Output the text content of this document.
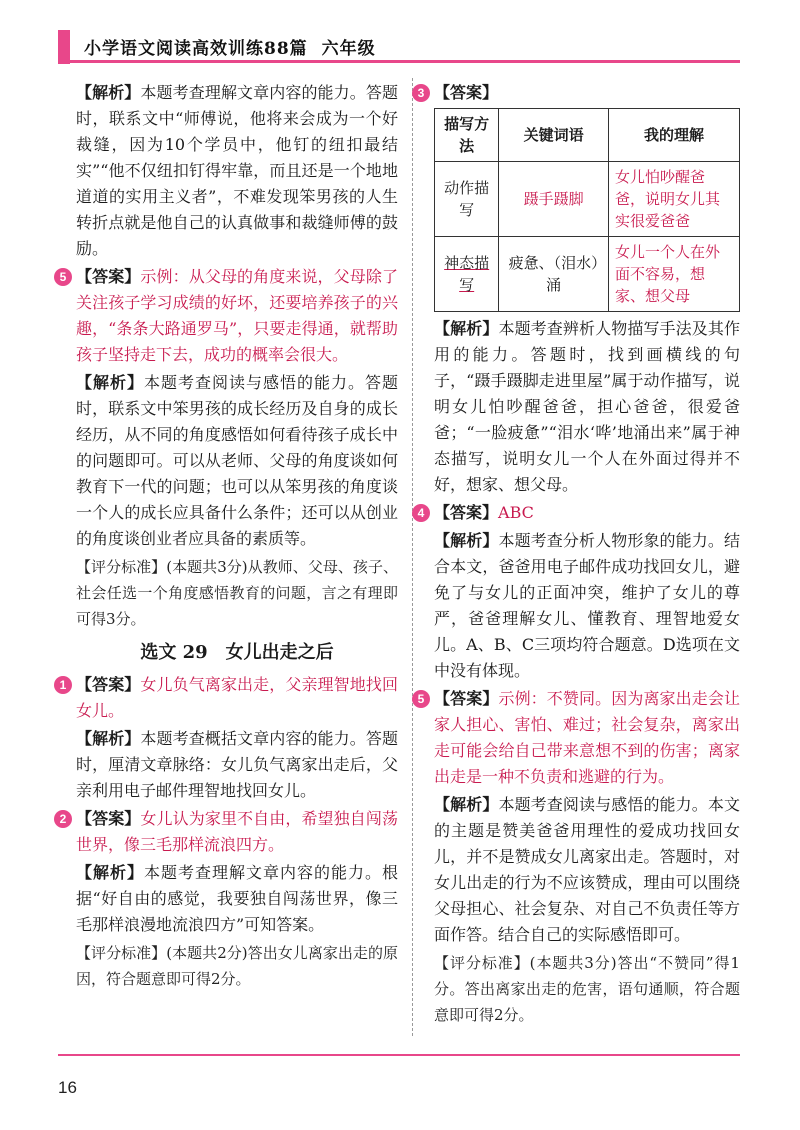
小学语文阅读高效训练88篇 六年级

【解析】本题考查理解文章内容的能力。答题时，联系文中“师傅说，他将来会成为一个好裁缝，因为10个学员中，他钉的纽扣最结实”“他不仅纽扣钉得牢靠，而且还是一个地地道道的实用主义者”，不难发现笨男孩的人生转折点就是他自己的认真做事和裁缝师傅的鼓励。

5 【答案】示例：从父母的角度来说，父母除了关注孩子学习成绩的好坏，还要培养孩子的兴趣，“条条大路通罗马”，只要走得通，就帮助孩子坚持走下去，成功的概率会很大。

【解析】本题考查阅读与感悟的能力。答题时，联系文中笨男孩的成长经历及自身的成长经历，从不同的角度感悟如何看待孩子成长中的问题即可。可以从老师、父母的角度谈如何教育下一代的问题；也可以从笨男孩的角度谈一个人的成长应具备什么条件；还可以从创业的角度谈创业者应具备的素质等。

【评分标准】(本题共3分)从教师、父母、孩子、社会任选一个角度感悟教育的问题，言之有理即可得3分。

选文 29　女儿出走之后
1 【答案】女儿负气离家出走，父亲理智地找回女儿。

【解析】本题考查概括文章内容的能力。答题时，厘清文章脉络：女儿负气离家出走后，父亲利用电子邮件理智地找回女儿。

2 【答案】女儿认为家里不自由，希望独自闯荡世界，像三毛那样流浪四方。

【解析】本题考查理解文章内容的能力。根据“好自由的感觉，我要独自闯荡世界，像三毛那样浪漫地流浪四方”可知答案。

【评分标准】(本题共2分)答出女儿离家出走的原因，符合题意即可得2分。

3 【答案】

描写方法	关键词语	我的理解
动作描写	蹑手蹑脚	女儿怕吵醒爸爸，说明女儿其实很爱爸爸
神态描写	疲惫、（泪水）涌	女儿一个人在外面不容易，想家、想父母

【解析】本题考查辨析人物描写手法及其作用的能力。答题时，找到画横线的句子，“蹑手蹑脚走进里屋”属于动作描写，说明女儿怕吵醒爸爸，担心爸爸，很爱爸爸；“一脸疲惫”“泪水‘哗’地涌出来”属于神态描写，说明女儿一个人在外面过得并不好，想家、想父母。

4 【答案】ABC

【解析】本题考查分析人物形象的能力。结合本文，爸爸用电子邮件成功找回女儿，避免了与女儿的正面冲突，维护了女儿的尊严，爸爸理解女儿、懂教育、理智地爱女儿。A、B、C三项均符合题意。D选项在文中没有体现。

5 【答案】示例：不赞同。因为离家出走会让家人担心、害怕、难过；社会复杂，离家出走可能会给自己带来意想不到的伤害；离家出走是一种不负责和逃避的行为。

【解析】本题考查阅读与感悟的能力。本文的主题是赞美爸爸用理性的爱成功找回女儿，并不是赞成女儿离家出走。答题时，对女儿出走的行为不应该赞成，理由可以围绕父母担心、社会复杂、对自己不负责任等方面作答。结合自己的实际感悟即可。

【评分标准】(本题共3分)答出“不赞同”得1分。答出离家出走的危害，语句通顺，符合题意即可得2分。

16
